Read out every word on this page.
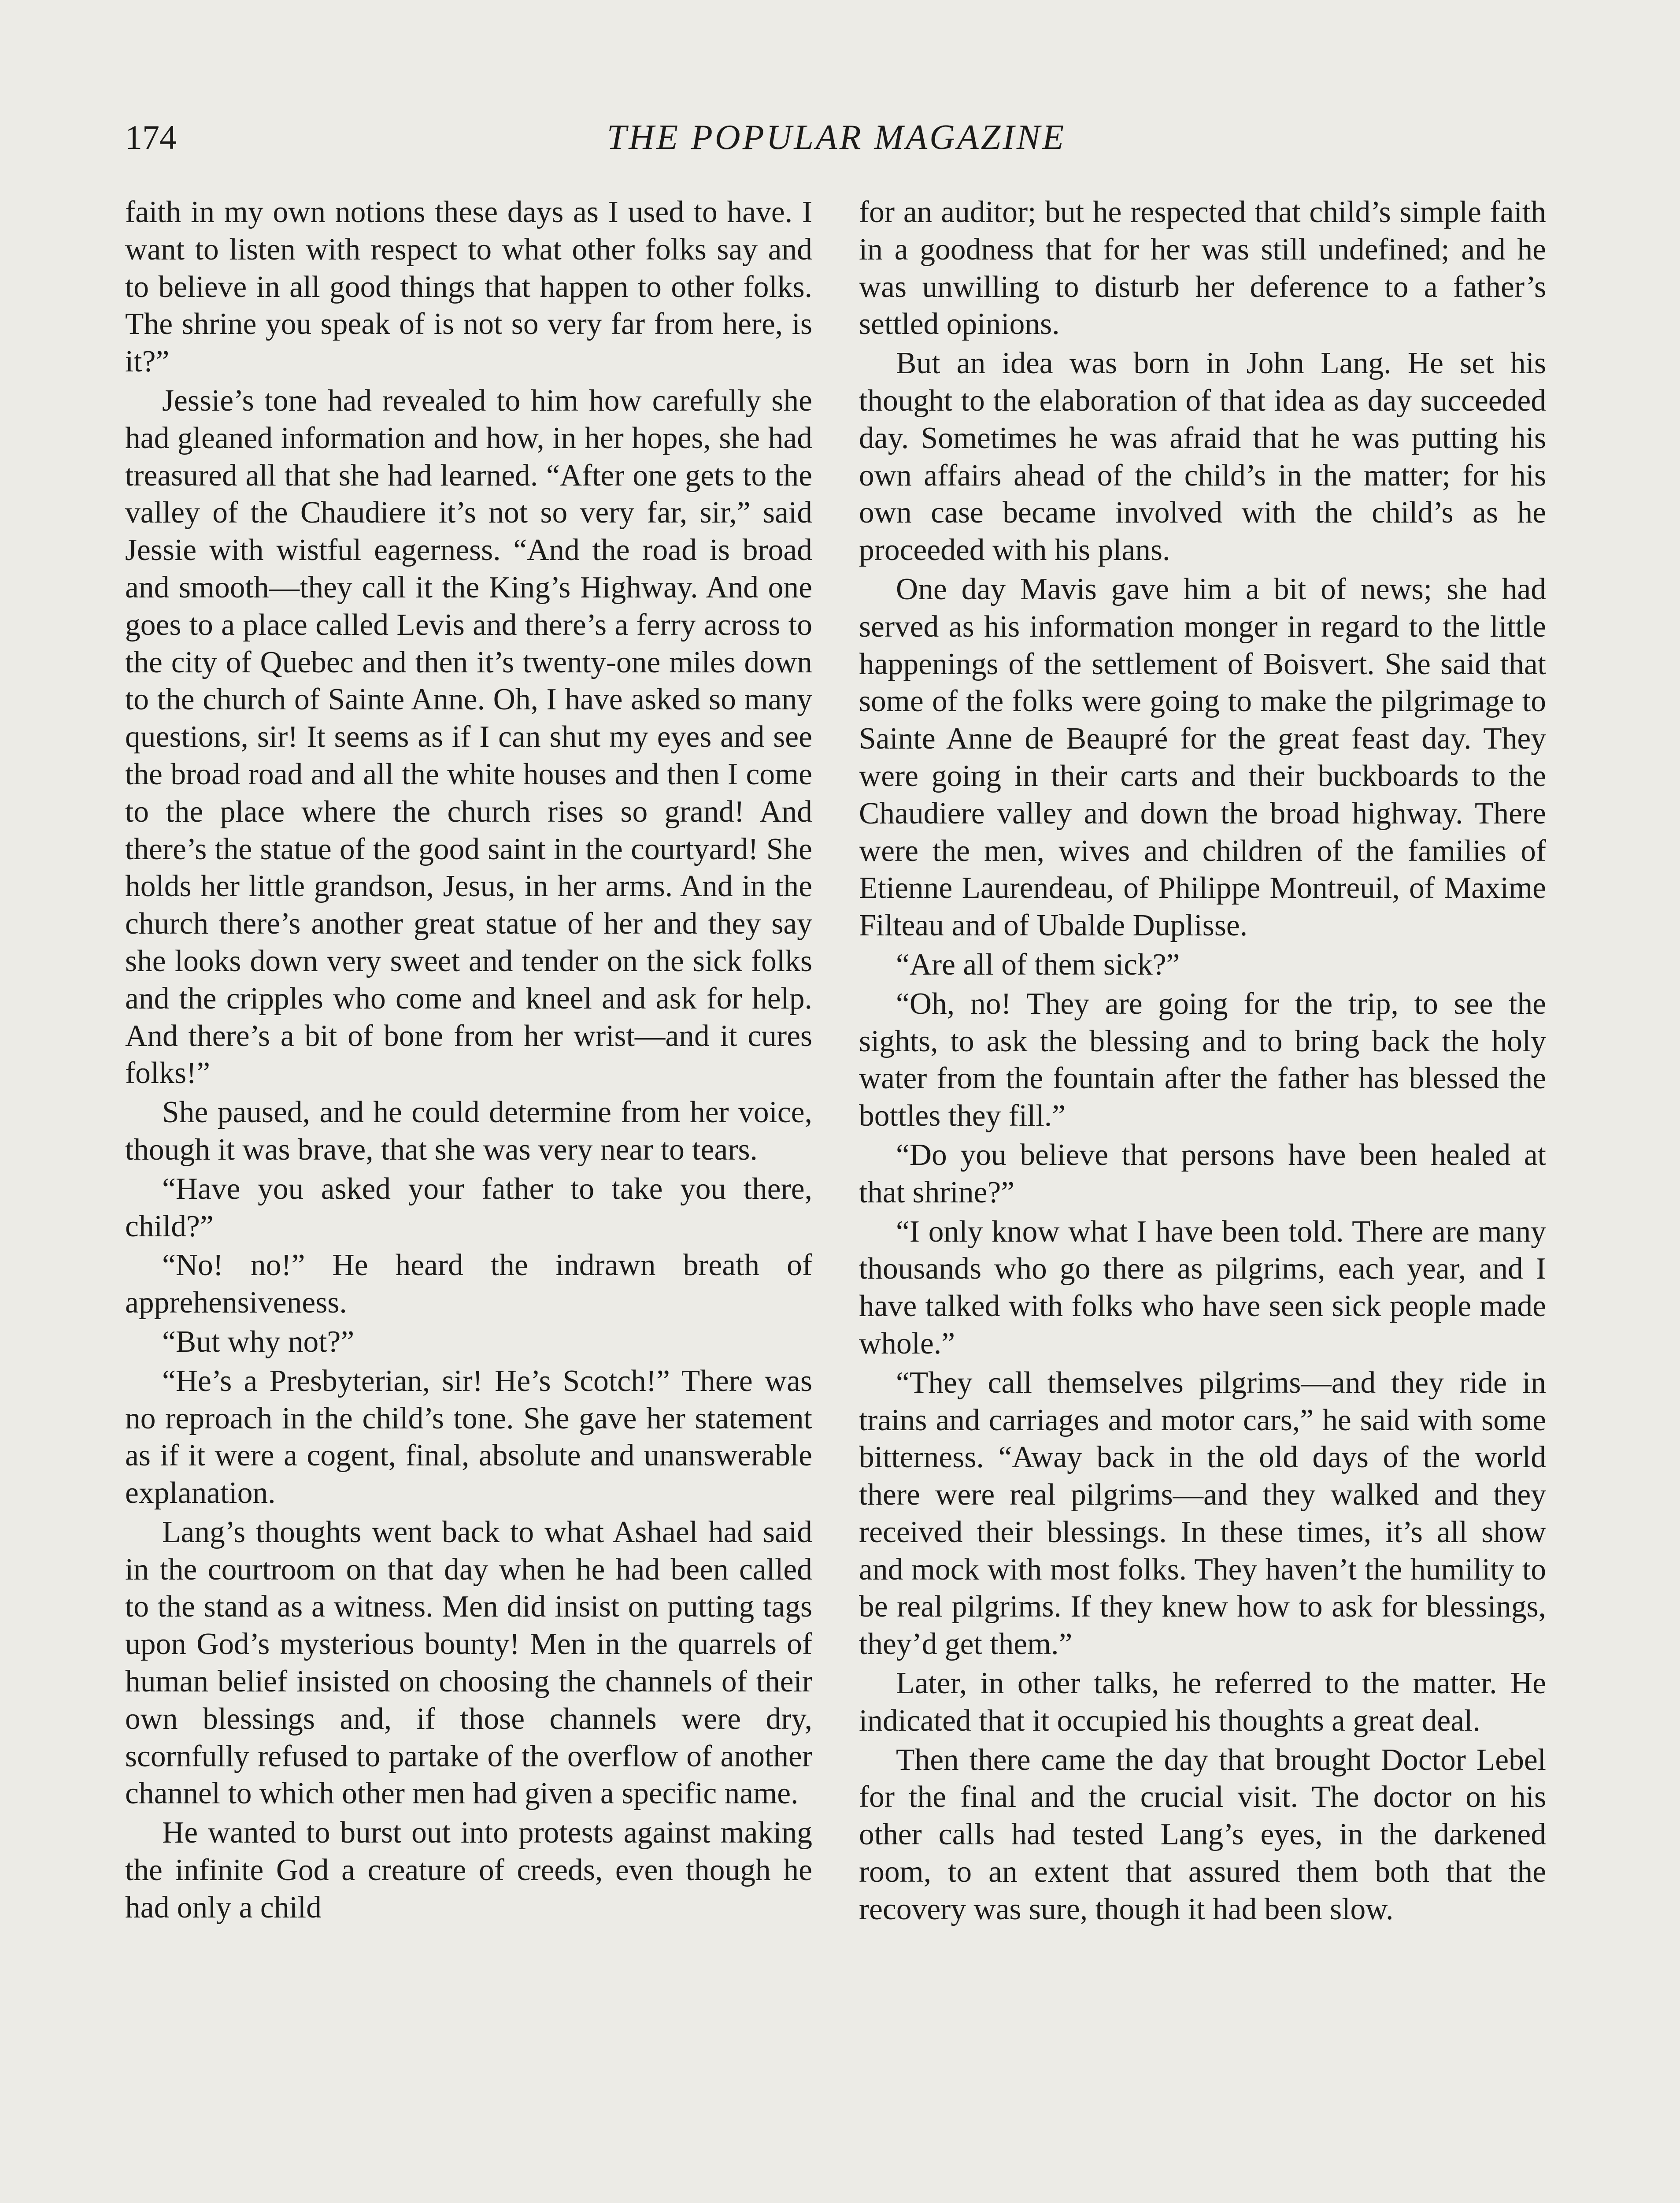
174	THE POPULAR MAGAZINE

faith in my own notions these days as I used to have. I want to listen with respect to what other folks say and to believe in all good things that happen to other folks. The shrine you speak of is not so very far from here, is it?”

Jessie’s tone had revealed to him how carefully she had gleaned information and how, in her hopes, she had treasured all that she had learned. “After one gets to the valley of the Chaudiere it’s not so very far, sir,” said Jessie with wistful eagerness. “And the road is broad and smooth—they call it the King’s Highway. And one goes to a place called Levis and there’s a ferry across to the city of Quebec and then it’s twenty-one miles down to the church of Sainte Anne. Oh, I have asked so many questions, sir! It seems as if I can shut my eyes and see the broad road and all the white houses and then I come to the place where the church rises so grand! And there’s the statue of the good saint in the courtyard! She holds her little grandson, Jesus, in her arms. And in the church there’s another great statue of her and they say she looks down very sweet and tender on the sick folks and the cripples who come and kneel and ask for help. And there’s a bit of bone from her wrist—and it cures folks!”

She paused, and he could determine from her voice, though it was brave, that she was very near to tears.

“Have you asked your father to take you there, child?”

“No! no!” He heard the indrawn breath of apprehensiveness.

“But why not?”

“He’s a Presbyterian, sir! He’s Scotch!” There was no reproach in the child’s tone. She gave her statement as if it were a cogent, final, absolute and unanswerable explanation.

Lang’s thoughts went back to what Ashael had said in the courtroom on that day when he had been called to the stand as a witness. Men did insist on putting tags upon God’s mysterious bounty! Men in the quarrels of human belief insisted on choosing the channels of their own blessings and, if those channels were dry, scornfully refused to partake of the overflow of another channel to which other men had given a specific name.

He wanted to burst out into protests against making the infinite God a creature of creeds, even though he had only a child

for an auditor; but he respected that child’s simple faith in a goodness that for her was still undefined; and he was unwilling to disturb her deference to a father’s settled opinions.

But an idea was born in John Lang. He set his thought to the elaboration of that idea as day succeeded day. Sometimes he was afraid that he was putting his own affairs ahead of the child’s in the matter; for his own case became involved with the child’s as he proceeded with his plans.

One day Mavis gave him a bit of news; she had served as his information monger in regard to the little happenings of the settlement of Boisvert. She said that some of the folks were going to make the pilgrimage to Sainte Anne de Beaupré for the great feast day. They were going in their carts and their buckboards to the Chaudiere valley and down the broad highway. There were the men, wives and children of the families of Etienne Laurendeau, of Philippe Montreuil, of Maxime Filteau and of Ubalde Duplisse.

“Are all of them sick?”

“Oh, no! They are going for the trip, to see the sights, to ask the blessing and to bring back the holy water from the fountain after the father has blessed the bottles they fill.”

“Do you believe that persons have been healed at that shrine?”

“I only know what I have been told. There are many thousands who go there as pilgrims, each year, and I have talked with folks who have seen sick people made whole.”

“They call themselves pilgrims—and they ride in trains and carriages and motor cars,” he said with some bitterness. “Away back in the old days of the world there were real pilgrims—and they walked and they received their blessings. In these times, it’s all show and mock with most folks. They haven’t the humility to be real pilgrims. If they knew how to ask for blessings, they’d get them.”

Later, in other talks, he referred to the matter. He indicated that it occupied his thoughts a great deal.

Then there came the day that brought Doctor Lebel for the final and the crucial visit. The doctor on his other calls had tested Lang’s eyes, in the darkened room, to an extent that assured them both that the recovery was sure, though it had been slow.
